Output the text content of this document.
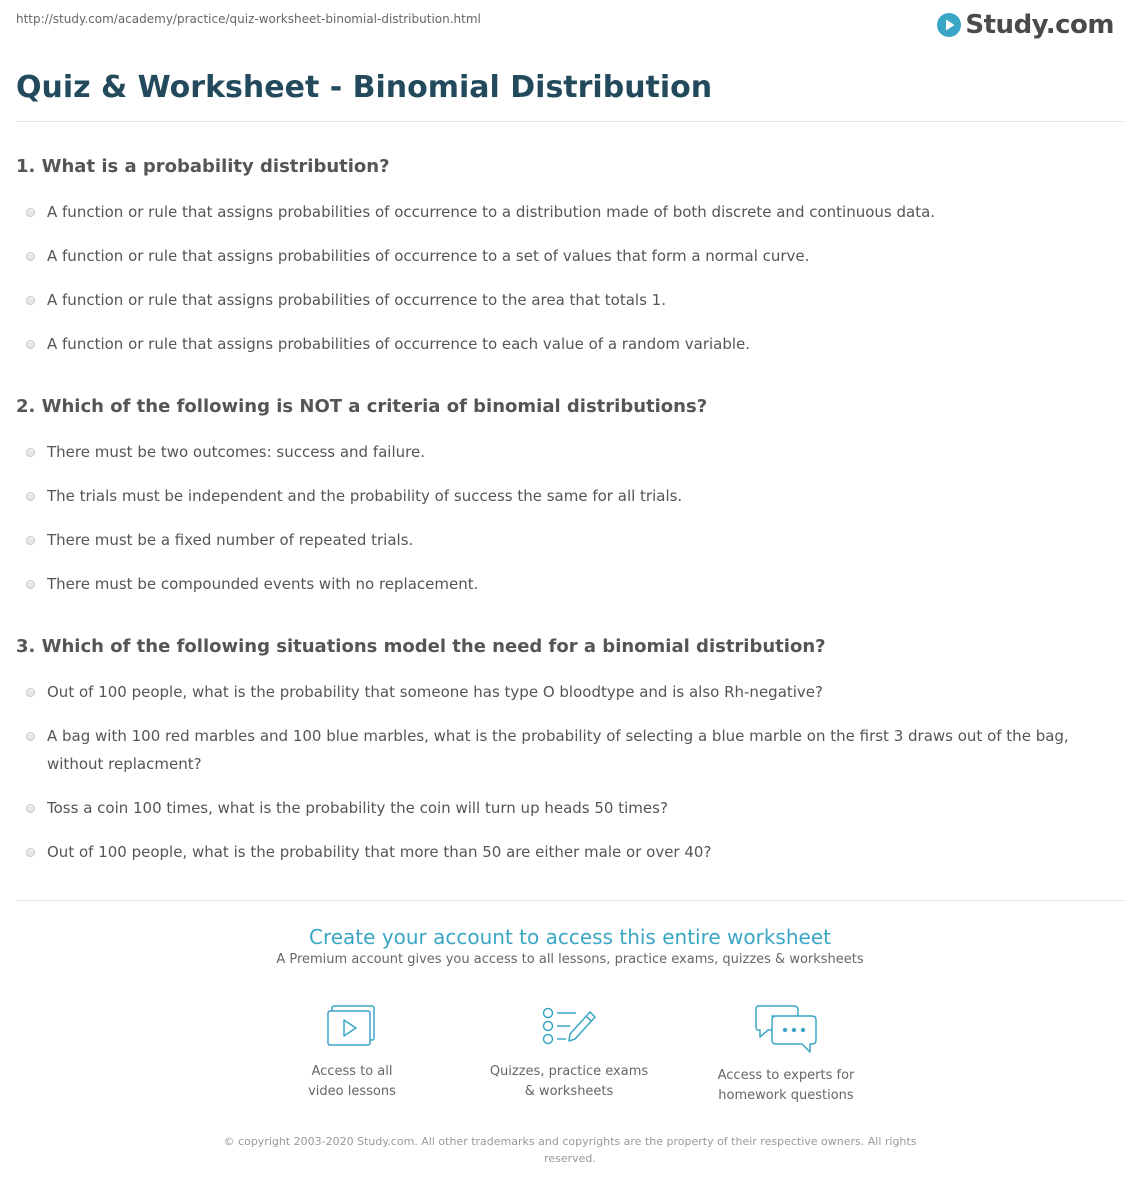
http://study.com/academy/practice/quiz-worksheet-binomial-distribution.html	Study.com
Quiz & Worksheet - Binomial Distribution
1. What is a probability distribution?
A function or rule that assigns probabilities of occurrence to a distribution made of both discrete and continuous data.
A function or rule that assigns probabilities of occurrence to a set of values that form a normal curve.
A function or rule that assigns probabilities of occurrence to the area that totals 1.
A function or rule that assigns probabilities of occurrence to each value of a random variable.
2. Which of the following is NOT a criteria of binomial distributions?
There must be two outcomes: success and failure.
The trials must be independent and the probability of success the same for all trials.
There must be a fixed number of repeated trials.
There must be compounded events with no replacement.
3. Which of the following situations model the need for a binomial distribution?
Out of 100 people, what is the probability that someone has type O bloodtype and is also Rh-negative?
A bag with 100 red marbles and 100 blue marbles, what is the probability of selecting a blue marble on the first 3 draws out of the bag, without replacment?
Toss a coin 100 times, what is the probability the coin will turn up heads 50 times?
Out of 100 people, what is the probability that more than 50 are either male or over 40?
Create your account to access this entire worksheet
A Premium account gives you access to all lessons, practice exams, quizzes & worksheets
Access to all
video lessons
Quizzes, practice exams
& worksheets
Access to experts for
homework questions
© copyright 2003-2020 Study.com. All other trademarks and copyrights are the property of their respective owners. All rights reserved.
